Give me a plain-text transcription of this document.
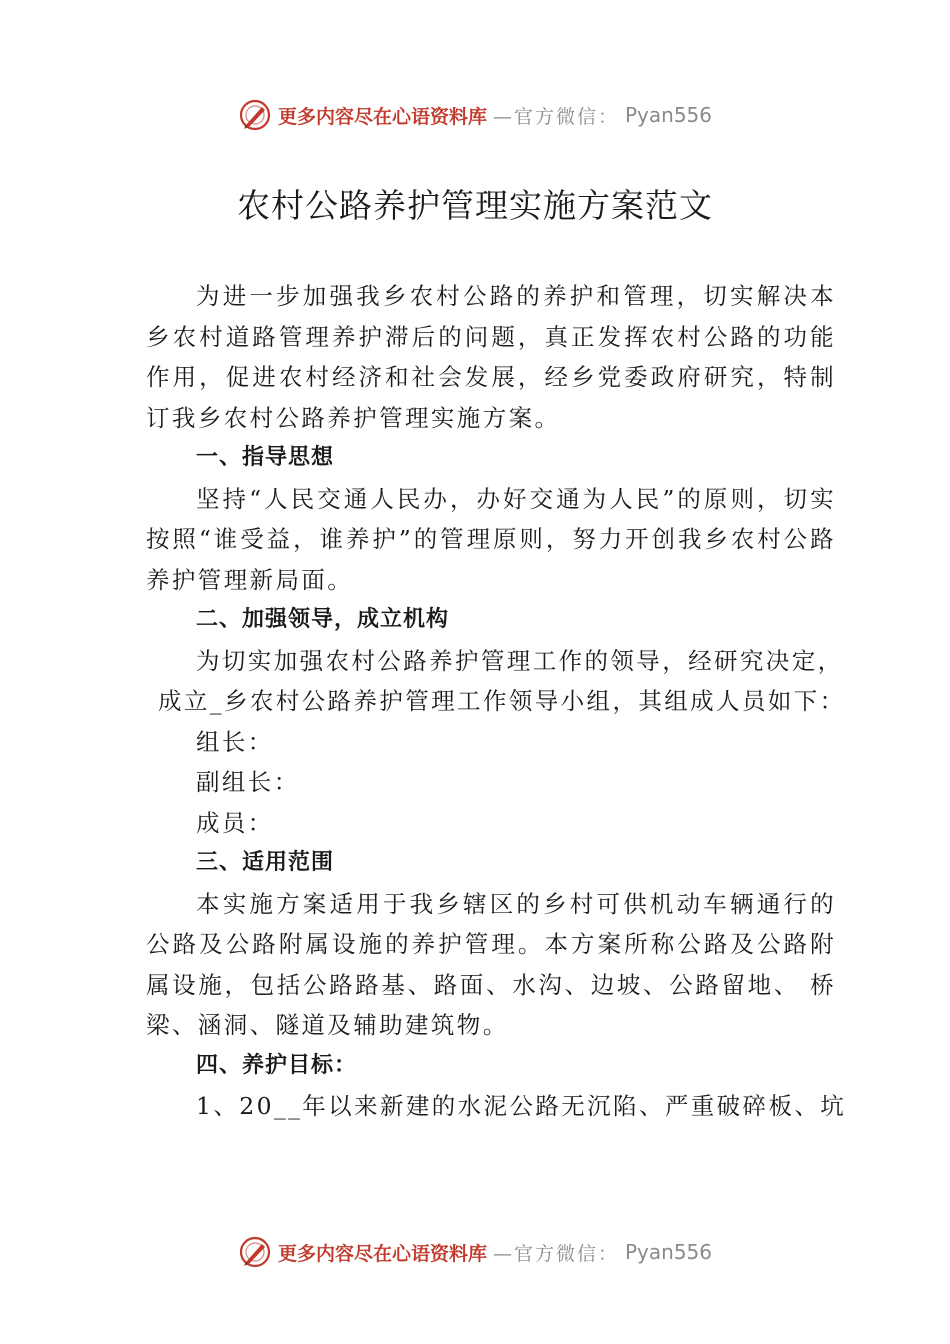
更多内容尽在心语资料库 —官方微信： Pyan556
农村公路养护管理实施方案范文

为进一步加强我乡农村公路的养护和管理，切实解决本乡农村道路管理养护滞后的问题，真正发挥农村公路的功能作用，促进农村经济和社会发展，经乡党委政府研究，特制订我乡农村公路养护管理实施方案。

一、指导思想

坚持“人民交通人民办，办好交通为人民”的原则，切实按照“谁受益，谁养护”的管理原则，努力开创我乡农村公路养护管理新局面。

二、加强领导，成立机构

为切实加强农村公路养护管理工作的领导，经研究决定，

成立_乡农村公路养护管理工作领导小组，其组成人员如下：

组长：

副组长：

成员：

三、适用范围

本实施方案适用于我乡辖区的乡村可供机动车辆通行的公路及公路附属设施的养护管理。本方案所称公路及公路附属设施，包括公路路基、路面、水沟、边坡、公路留地、 桥梁、涵洞、隧道及辅助建筑物。

四、养护目标：

1、20__年以来新建的水泥公路无沉陷、严重破碎板、坑

更多内容尽在心语资料库 —官方微信： Pyan556
